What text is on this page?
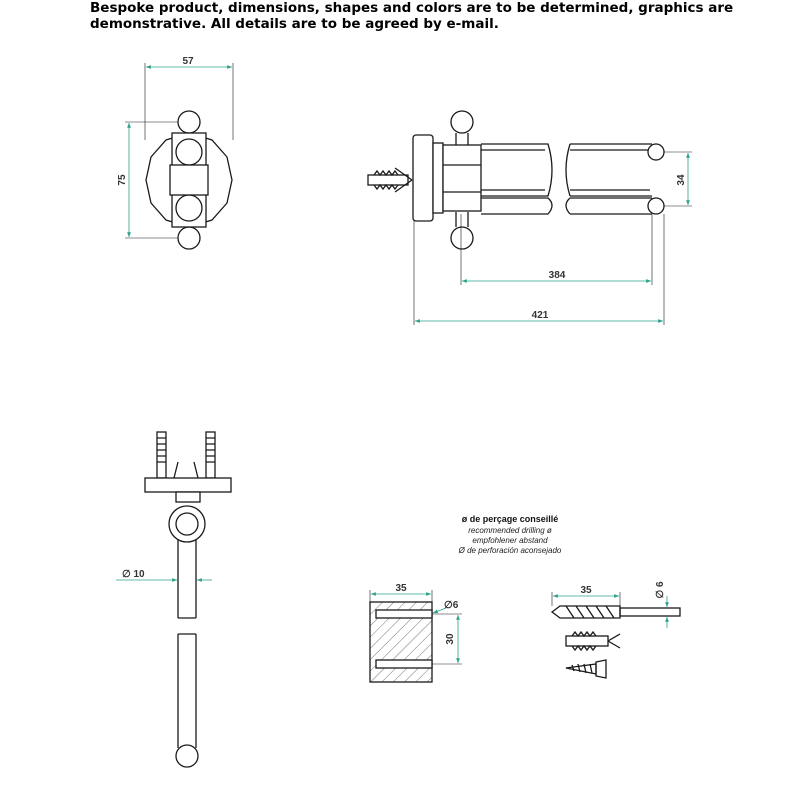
Bespoke product, dimensions, shapes and colors are to be determined, graphics are
demonstrative. All details are to be agreed by e-mail.
57
75	34
384
421
∅ 10
ø de perçage conseillé
recommended drilling ø
empfohlener abstand
Ø de perforación aconsejado
35
∅6
30
35	∅ 6
